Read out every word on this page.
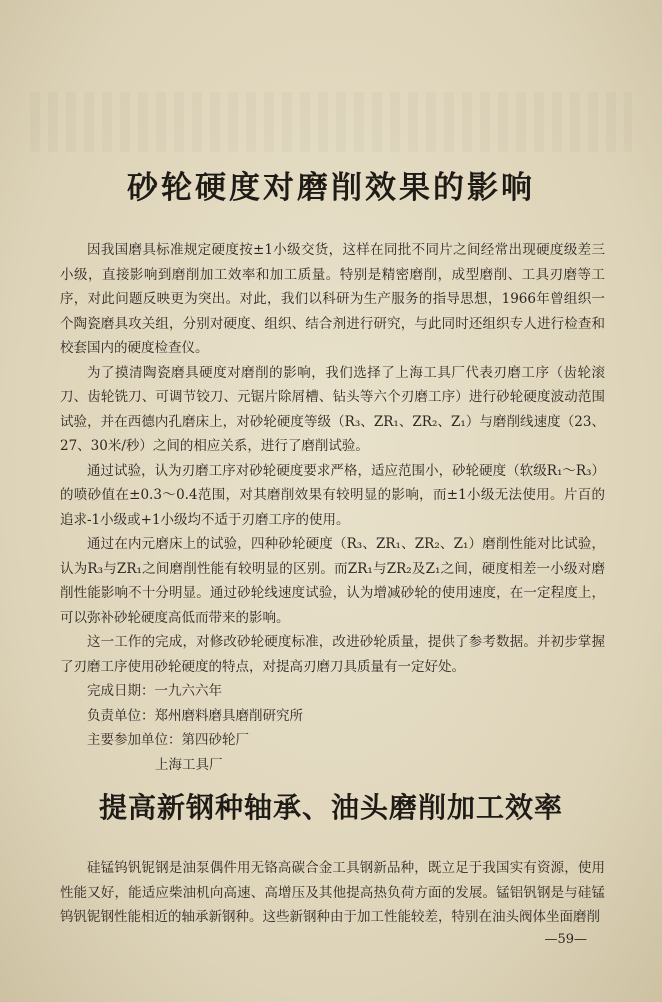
砂轮硬度对磨削效果的影响

因我国磨具标准规定硬度按±1小级交货，这样在同批不同片之间经常出现硬度级差三小级，直接影响到磨削加工效率和加工质量。特别是精密磨削，成型磨削、工具刃磨等工序，对此问题反映更为突出。对此，我们以科研为生产服务的指导思想，1966年曾组织一个陶瓷磨具攻关组，分别对硬度、组织、结合剂进行研究，与此同时还组织专人进行检查和校套国内的硬度检查仪。

为了摸清陶瓷磨具硬度对磨削的影响，我们选择了上海工具厂代表刃磨工序（齿轮滚刀、齿轮铣刀、可调节铰刀、元锯片除屑槽、钻头等六个刃磨工序）进行砂轮硬度波动范围试验，并在西德内孔磨床上，对砂轮硬度等级（R₃、ZR₁、ZR₂、Z₁）与磨削线速度（23、27、30米/秒）之间的相应关系，进行了磨削试验。

通过试验，认为刃磨工序对砂轮硬度要求严格，适应范围小，砂轮硬度（软级R₁～R₃）的喷砂值在±0.3～0.4范围，对其磨削效果有较明显的影响，而±1小级无法使用。片百的追求-1小级或+1小级均不适于刃磨工序的使用。

通过在内元磨床上的试验，四种砂轮硬度（R₃、ZR₁、ZR₂、Z₁）磨削性能对比试验，认为R₃与ZR₁之间磨削性能有较明显的区别。而ZR₁与ZR₂及Z₁之间，硬度相差一小级对磨削性能影响不十分明显。通过砂轮线速度试验，认为增减砂轮的使用速度，在一定程度上，可以弥补砂轮硬度高低而带来的影响。

这一工作的完成，对修改砂轮硬度标准，改进砂轮质量，提供了参考数据。并初步掌握了刃磨工序使用砂轮硬度的特点，对提高刃磨刀具质量有一定好处。

完成日期：一九六六年
负责单位：郑州磨料磨具磨削研究所
主要参加单位：第四砂轮厂
上海工具厂
提高新钢种轴承、油头磨削加工效率

硅锰钨钒铌钢是油泵偶件用无铬高碳合金工具钢新品种，既立足于我国实有资源，使用性能又好，能适应柴油机向高速、高增压及其他提高热负荷方面的发展。锰铝钒钢是与硅锰钨钒铌钢性能相近的轴承新钢种。这些新钢种由于加工性能较差，特别在油头阀体坐面磨削

—59—
